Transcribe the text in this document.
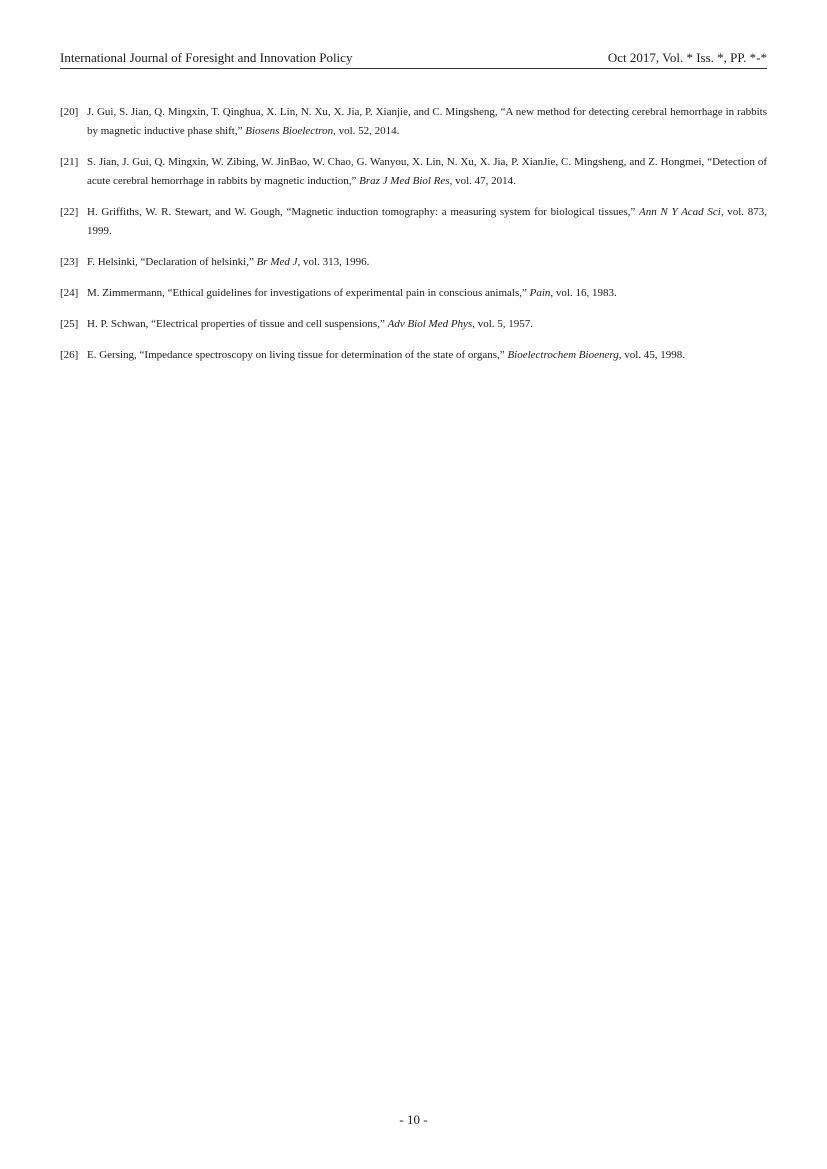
International Journal of Foresight and Innovation Policy	Oct 2017, Vol. * Iss. *, PP. *-*
[20] J. Gui, S. Jian, Q. Mingxin, T. Qinghua, X. Lin, N. Xu, X. Jia, P. Xianjie, and C. Mingsheng, “A new method for detecting cerebral hemorrhage in rabbits by magnetic inductive phase shift,” Biosens Bioelectron, vol. 52, 2014.
[21] S. Jian, J. Gui, Q. Mingxin, W. Zibing, W. JinBao, W. Chao, G. Wanyou, X. Lin, N. Xu, X. Jia, P. XianJie, C. Mingsheng, and Z. Hongmei, “Detection of acute cerebral hemorrhage in rabbits by magnetic induction,” Braz J Med Biol Res, vol. 47, 2014.
[22] H. Griffiths, W. R. Stewart, and W. Gough, “Magnetic induction tomography: a measuring system for biological tissues,” Ann N Y Acad Sci, vol. 873, 1999.
[23] F. Helsinki, “Declaration of helsinki,” Br Med J, vol. 313, 1996.
[24] M. Zimmermann, “Ethical guidelines for investigations of experimental pain in conscious animals,” Pain, vol. 16, 1983.
[25] H. P. Schwan, “Electrical properties of tissue and cell suspensions,” Adv Biol Med Phys, vol. 5, 1957.
[26] E. Gersing, “Impedance spectroscopy on living tissue for determination of the state of organs,” Bioelectrochem Bioenerg, vol. 45, 1998.
- 10 -
